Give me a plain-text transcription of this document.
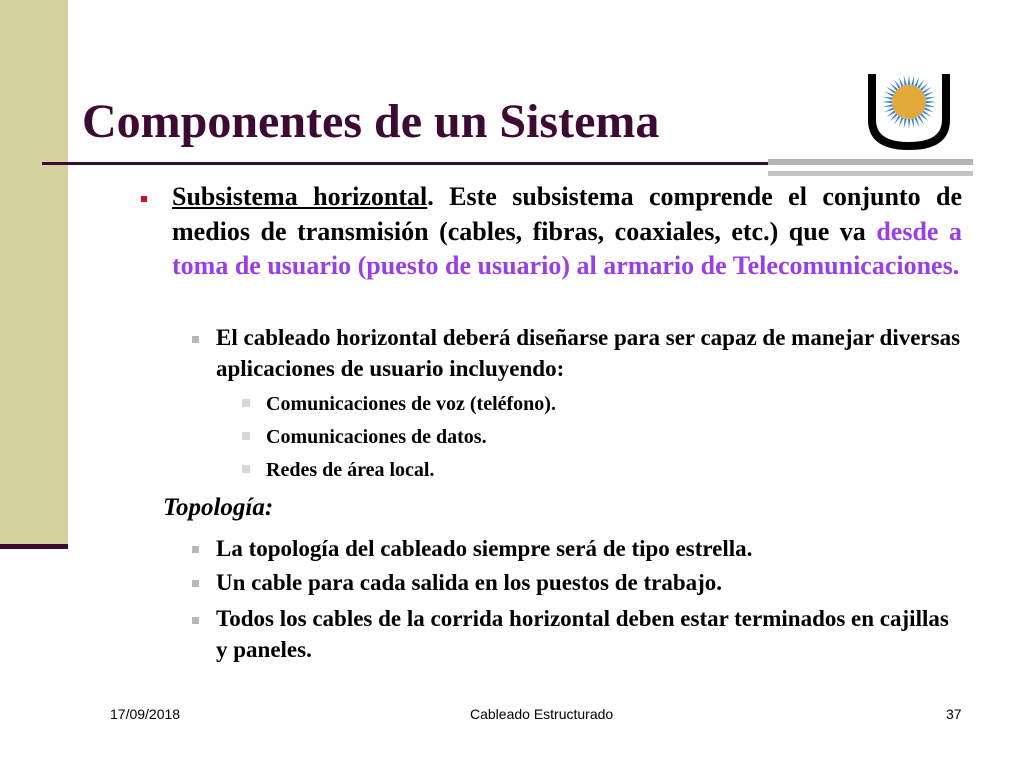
Componentes de un Sistema

Subsistema horizontal. Este subsistema comprende el conjunto de medios de transmisión (cables, fibras, coaxiales, etc.) que va desde a toma de usuario (puesto de usuario) al armario de Telecomunicaciones.

El cableado horizontal deberá diseñarse para ser capaz de manejar diversas aplicaciones de usuario incluyendo:

Comunicaciones de voz (teléfono).

Comunicaciones de datos.

Redes de área local.

Topología:

La topología del cableado siempre será de tipo estrella.

Un cable para cada salida en los puestos de trabajo.

Todos los cables de la corrida horizontal deben estar terminados en cajillas y paneles.

17/09/2018	Cableado Estructurado	37
